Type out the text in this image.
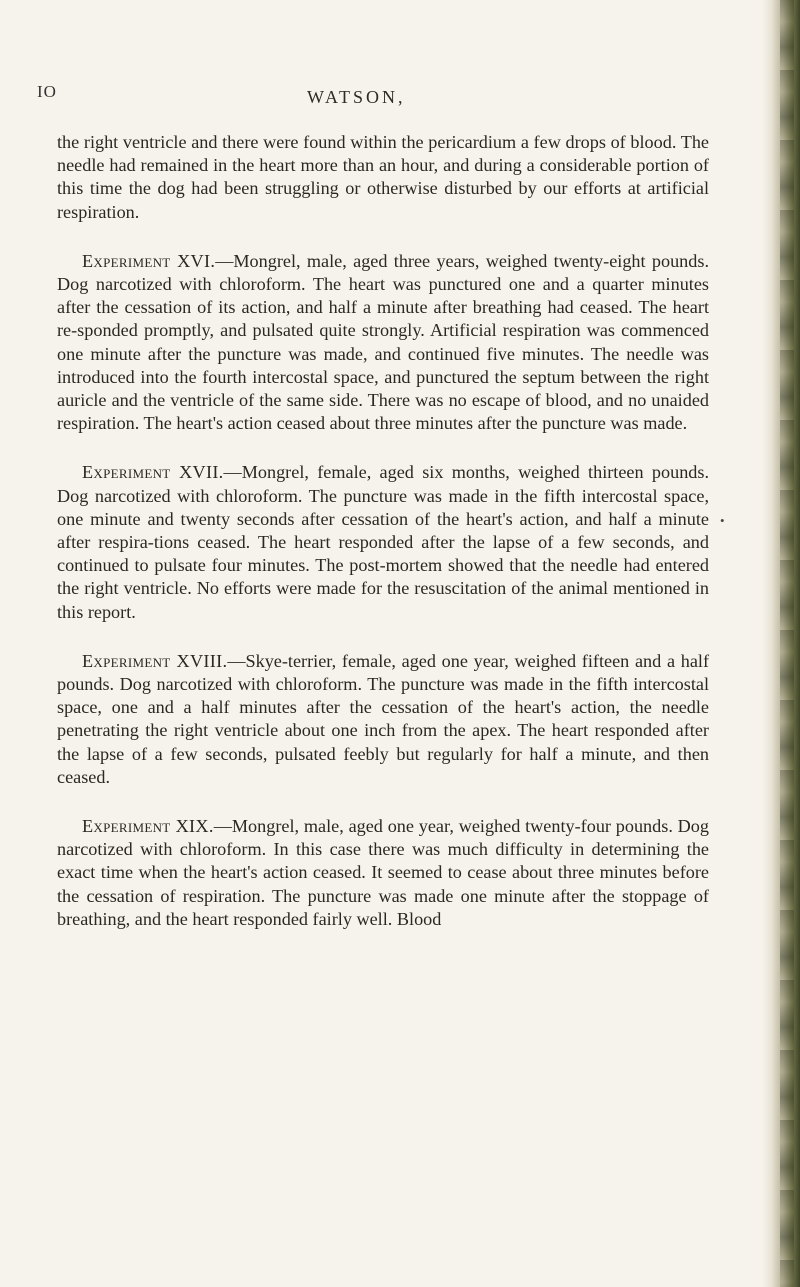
IO	WATSON,

the right ventricle and there were found within the pericardium a few drops of blood. The needle had remained in the heart more than an hour, and during a considerable portion of this time the dog had been struggling or otherwise disturbed by our efforts at artificial respiration.

Experiment XVI.—Mongrel, male, aged three years, weighed twenty-eight pounds. Dog narcotized with chloroform. The heart was punctured one and a quarter minutes after the cessation of its action, and half a minute after breathing had ceased. The heart re-sponded promptly, and pulsated quite strongly. Artificial respiration was commenced one minute after the puncture was made, and continued five minutes. The needle was introduced into the fourth intercostal space, and punctured the septum between the right auricle and the ventricle of the same side. There was no escape of blood, and no unaided respiration. The heart's action ceased about three minutes after the puncture was made.

Experiment XVII.—Mongrel, female, aged six months, weighed thirteen pounds. Dog narcotized with chloroform. The puncture was made in the fifth intercostal space, one minute and twenty seconds after cessation of the heart's action, and half a minute after respira-tions ceased. The heart responded after the lapse of a few seconds, and continued to pulsate four minutes. The post-mortem showed that the needle had entered the right ventricle. No efforts were made for the resuscitation of the animal mentioned in this report.

Experiment XVIII.—Skye-terrier, female, aged one year, weighed fifteen and a half pounds. Dog narcotized with chloroform. The puncture was made in the fifth intercostal space, one and a half minutes after the cessation of the heart's action, the needle penetrating the right ventricle about one inch from the apex. The heart responded after the lapse of a few seconds, pulsated feebly but regularly for half a minute, and then ceased.

Experiment XIX.—Mongrel, male, aged one year, weighed twenty-four pounds. Dog narcotized with chloroform. In this case there was much difficulty in determining the exact time when the heart's action ceased. It seemed to cease about three minutes before the cessation of respiration. The puncture was made one minute after the stoppage of breathing, and the heart responded fairly well. Blood

•
